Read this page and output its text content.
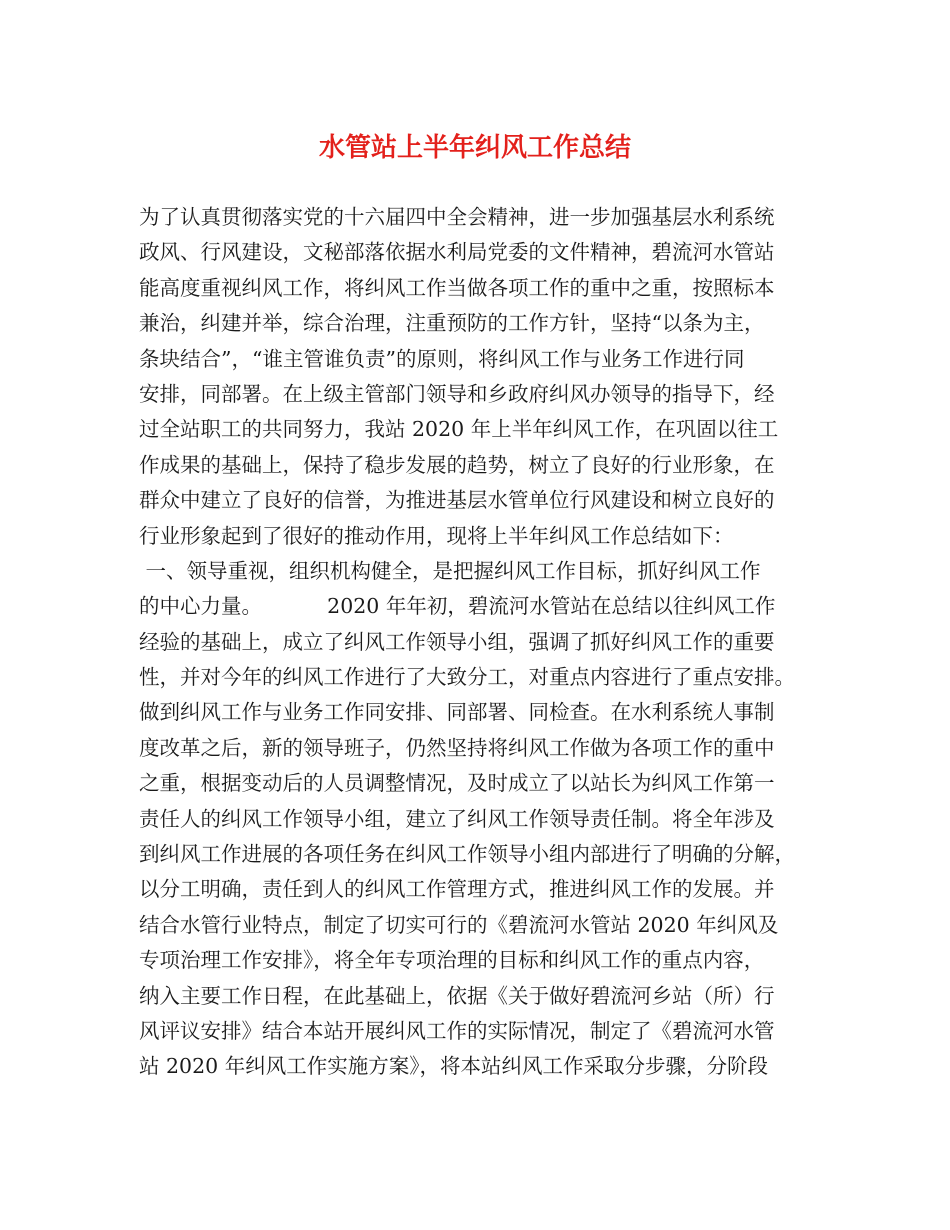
水管站上半年纠风工作总结
为了认真贯彻落实党的十六届四中全会精神，进一步加强基层水利系统
政风、行风建设，文秘部落依据水利局党委的文件精神，碧流河水管站
能高度重视纠风工作，将纠风工作当做各项工作的重中之重，按照标本
兼治，纠建并举，综合治理，注重预防的工作方针，坚持“以条为主，
条块结合”，“谁主管谁负责”的原则，将纠风工作与业务工作进行同
安排，同部署。在上级主管部门领导和乡政府纠风办领导的指导下，经
过全站职工的共同努力，我站 2020 年上半年纠风工作，在巩固以往工
作成果的基础上，保持了稳步发展的趋势，树立了良好的行业形象，在
群众中建立了良好的信誉，为推进基层水管单位行风建设和树立良好的
行业形象起到了很好的推动作用，现将上半年纠风工作总结如下：
一、领导重视，组织机构健全，是把握纠风工作目标，抓好纠风工作
的中心力量。          2020 年年初，碧流河水管站在总结以往纠风工作
经验的基础上，成立了纠风工作领导小组，强调了抓好纠风工作的重要
性，并对今年的纠风工作进行了大致分工，对重点内容进行了重点安排。
做到纠风工作与业务工作同安排、同部署、同检查。在水利系统人事制
度改革之后，新的领导班子，仍然坚持将纠风工作做为各项工作的重中
之重，根据变动后的人员调整情况，及时成立了以站长为纠风工作第一
责任人的纠风工作领导小组，建立了纠风工作领导责任制。将全年涉及
到纠风工作进展的各项任务在纠风工作领导小组内部进行了明确的分解，
以分工明确，责任到人的纠风工作管理方式，推进纠风工作的发展。并
结合水管行业特点，制定了切实可行的《碧流河水管站 2020 年纠风及
专项治理工作安排》，将全年专项治理的目标和纠风工作的重点内容，
纳入主要工作日程，在此基础上，依据《关于做好碧流河乡站（所）行
风评议安排》结合本站开展纠风工作的实际情况，制定了《碧流河水管
站 2020 年纠风工作实施方案》，将本站纠风工作采取分步骤，分阶段
